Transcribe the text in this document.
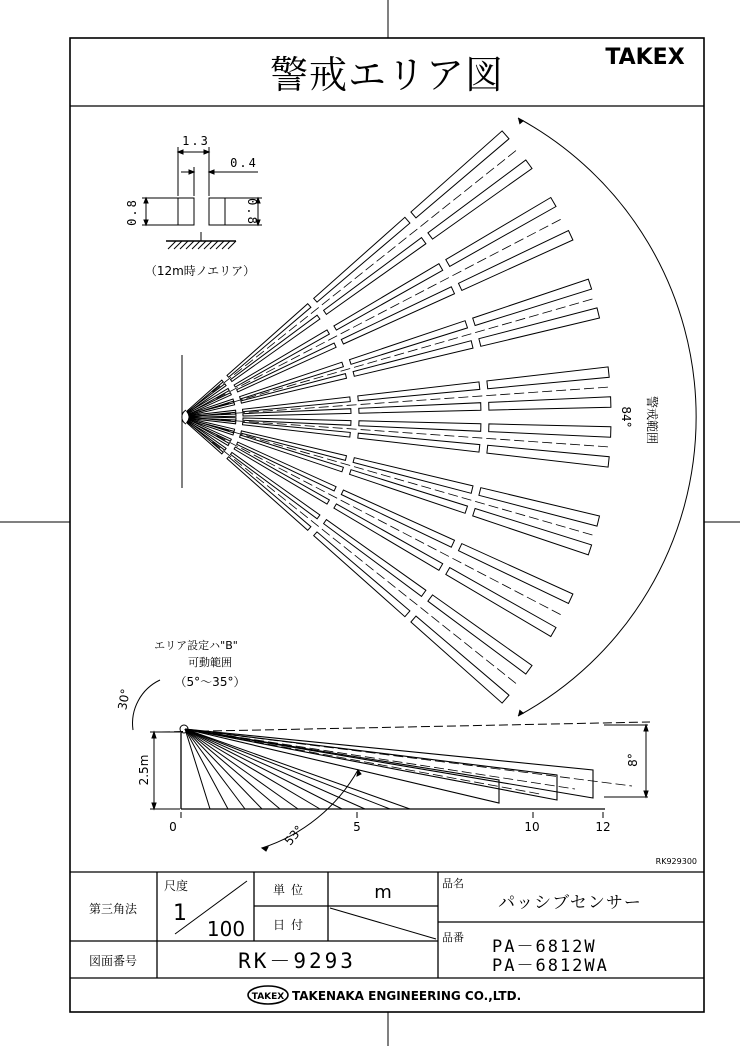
警戒エリア図	TAKEX
1.3
0.4
0.8	0.8
（12m時ノエリア）
84° 警戒範囲
エリア設定ハ"B"
可動範囲
（5°～35°）
30°
2.5m
53°
8°
0	5	10	12
RK929300
第三角法
尺度
1
100
単位	m
日付
品名
パッシブセンサー
品番 PA－6812W
PA－6812WA
図面番号	RK－9293
TAKEX TAKENAKA ENGINEERING CO.,LTD.
